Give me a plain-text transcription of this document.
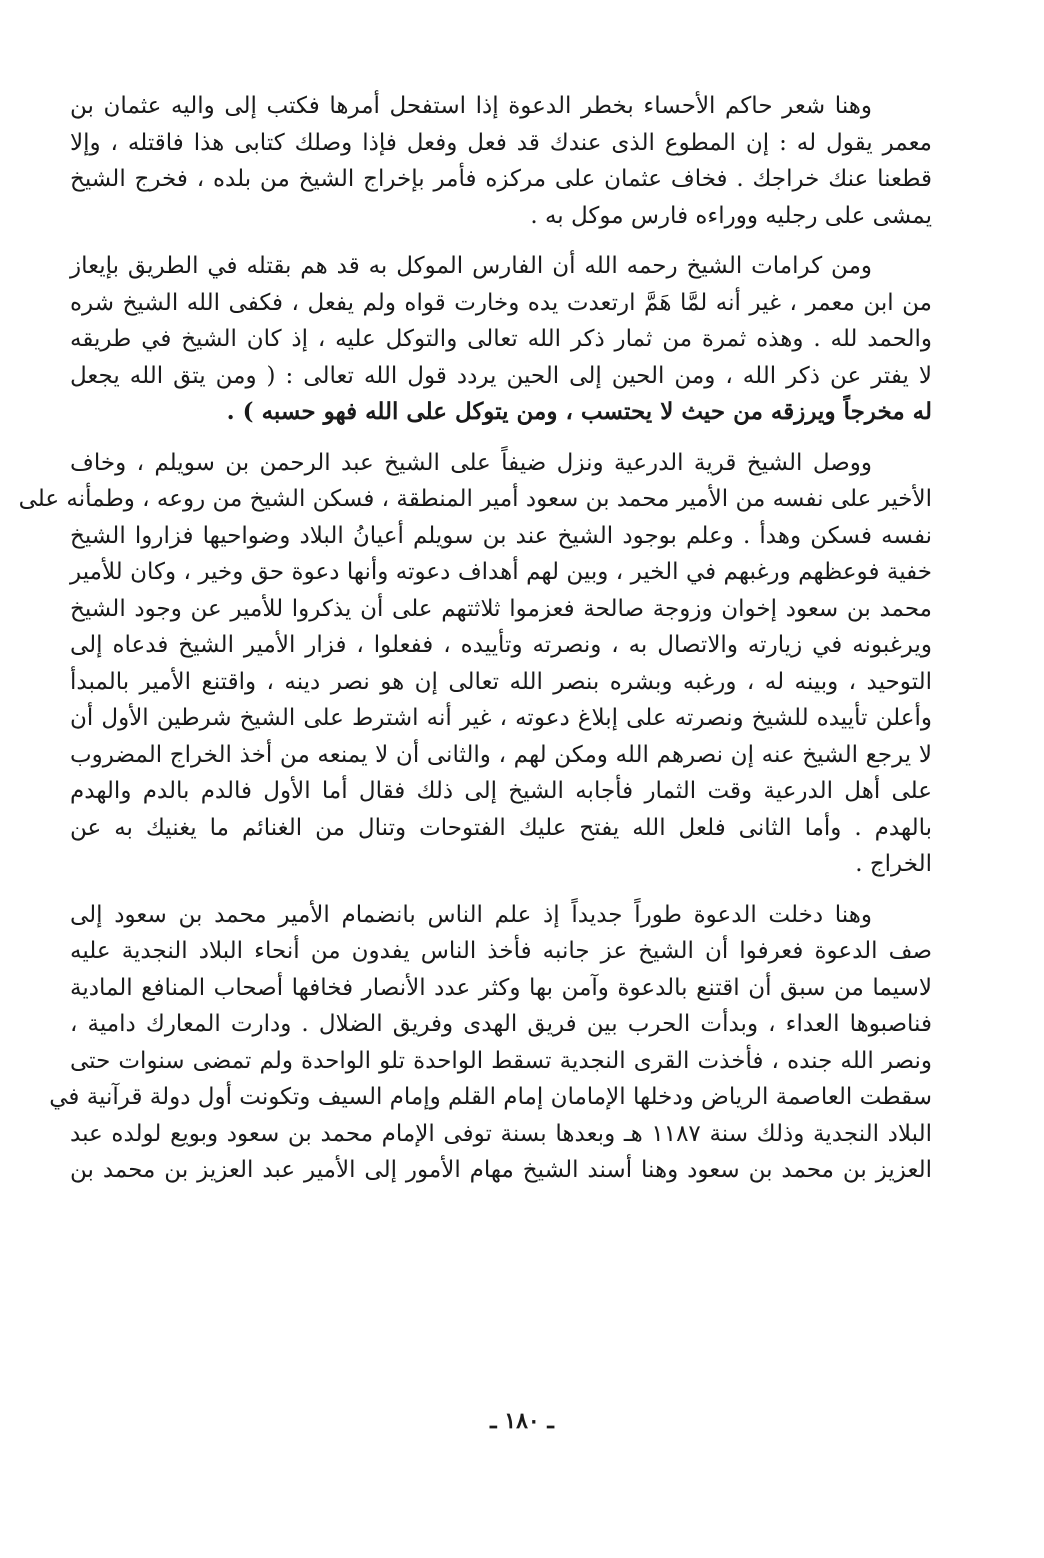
وهنا شعر حاكم الأحساء بخطر الدعوة إذا استفحل أمرها فكتب إلى واليه عثمان بن
معمر يقول له : إن المطوع الذى عندك قد فعل وفعل فإذا وصلك كتابى هذا فاقتله ، وإلا
قطعنا عنك خراجك . فخاف عثمان على مركزه فأمر بإخراج الشيخ من بلده ، فخرج الشيخ
يمشى على رجليه ووراءه فارس موكل به .

ومن كرامات الشيخ رحمه الله أن الفارس الموكل به قد هم بقتله في الطريق بإيعاز
من ابن معمر ، غير أنه لمَّا هَمَّ ارتعدت يده وخارت قواه ولم يفعل ، فكفى الله الشيخ شره
والحمد لله . وهذه ثمرة من ثمار ذكر الله تعالى والتوكل عليه ، إذ كان الشيخ في طريقه
لا يفتر عن ذكر الله ، ومن الحين إلى الحين يردد قول الله تعالى : ( ومن يتق الله يجعل
له مخرجاً ويرزقه من حيث لا يحتسب ، ومن يتوكل على الله فهو حسبه ) .

ووصل الشيخ قرية الدرعية ونزل ضيفاً على الشيخ عبد الرحمن بن سويلم ، وخاف
الأخير على نفسه من الأمير محمد بن سعود أمير المنطقة ، فسكن الشيخ من روعه ، وطمأنه على
نفسه فسكن وهدأ . وعلم بوجود الشيخ عند بن سويلم أعيانُ البلاد وضواحيها فزاروا الشيخ
خفية فوعظهم ورغبهم في الخير ، وبين لهم أهداف دعوته وأنها دعوة حق وخير ، وكان للأمير
محمد بن سعود إخوان وزوجة صالحة فعزموا ثلاثتهم على أن يذكروا للأمير عن وجود الشيخ
ويرغبونه في زيارته والاتصال به ، ونصرته وتأييده ، ففعلوا ، فزار الأمير الشيخ فدعاه إلى
التوحيد ، وبينه له ، ورغبه وبشره بنصر الله تعالى إن هو نصر دينه ، واقتنع الأمير بالمبدأ
وأعلن تأييده للشيخ ونصرته على إبلاغ دعوته ، غير أنه اشترط على الشيخ شرطين الأول أن
لا يرجع الشيخ عنه إن نصرهم الله ومكن لهم ، والثانى أن لا يمنعه من أخذ الخراج المضروب
على أهل الدرعية وقت الثمار فأجابه الشيخ إلى ذلك فقال أما الأول فالدم بالدم والهدم
بالهدم . وأما الثانى فلعل الله يفتح عليك الفتوحات وتنال من الغنائم ما يغنيك به عن
الخراج .

وهنا دخلت الدعوة طوراً جديداً إذ علم الناس بانضمام الأمير محمد بن سعود إلى
صف الدعوة فعرفوا أن الشيخ عز جانبه فأخذ الناس يفدون من أنحاء البلاد النجدية عليه
لاسيما من سبق أن اقتنع بالدعوة وآمن بها وكثر عدد الأنصار فخافها أصحاب المنافع المادية
فناصبوها العداء ، وبدأت الحرب بين فريق الهدى وفريق الضلال . ودارت المعارك دامية ،
ونصر الله جنده ، فأخذت القرى النجدية تسقط الواحدة تلو الواحدة ولم تمضى سنوات حتى
سقطت العاصمة الرياض ودخلها الإمامان إمام القلم وإمام السيف وتكونت أول دولة قرآنية في
البلاد النجدية وذلك سنة ١١٨٧ هـ وبعدها بسنة توفى الإمام محمد بن سعود وبويع لولده عبد
العزيز بن محمد بن سعود وهنا أسند الشيخ مهام الأمور إلى الأمير عبد العزيز بن محمد بن

ـ ١٨٠ ـ
